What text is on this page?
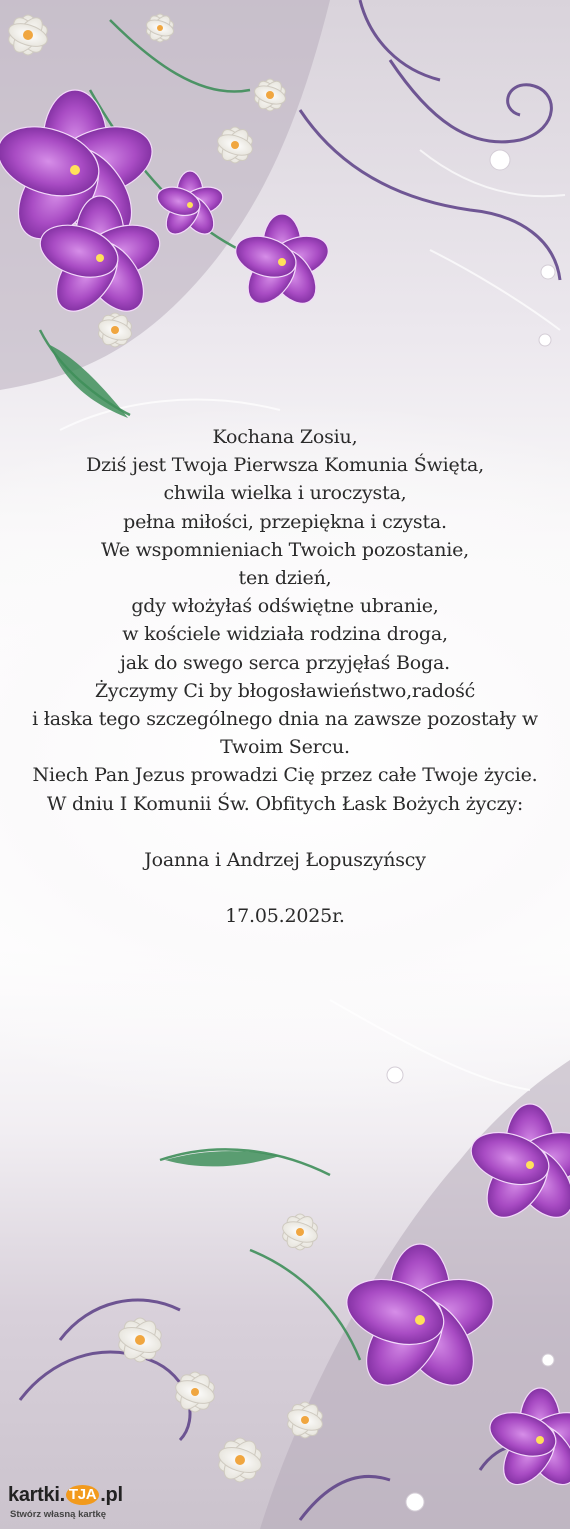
Kochana Zosiu,

Dziś jest Twoja Pierwsza Komunia Święta,

chwila wielka i uroczysta,

pełna miłości, przepiękna i czysta.

We wspomnieniach Twoich pozostanie,

ten dzień,

gdy włożyłaś odświętne ubranie,

w kościele widziała rodzina droga,

jak do swego serca przyjęłaś Boga.

Życzymy Ci by błogosławieństwo,radość

i łaska tego szczególnego dnia na zawsze pozostały w Twoim Sercu.

Niech Pan Jezus prowadzi Cię przez całe Twoje życie.

W dniu I Komunii Św. Obfitych Łask Bożych życzy:

Joanna i Andrzej Łopuszyńscy

17.05.2025r.

kartki. TJA .pl
Stwórz własną kartkę
